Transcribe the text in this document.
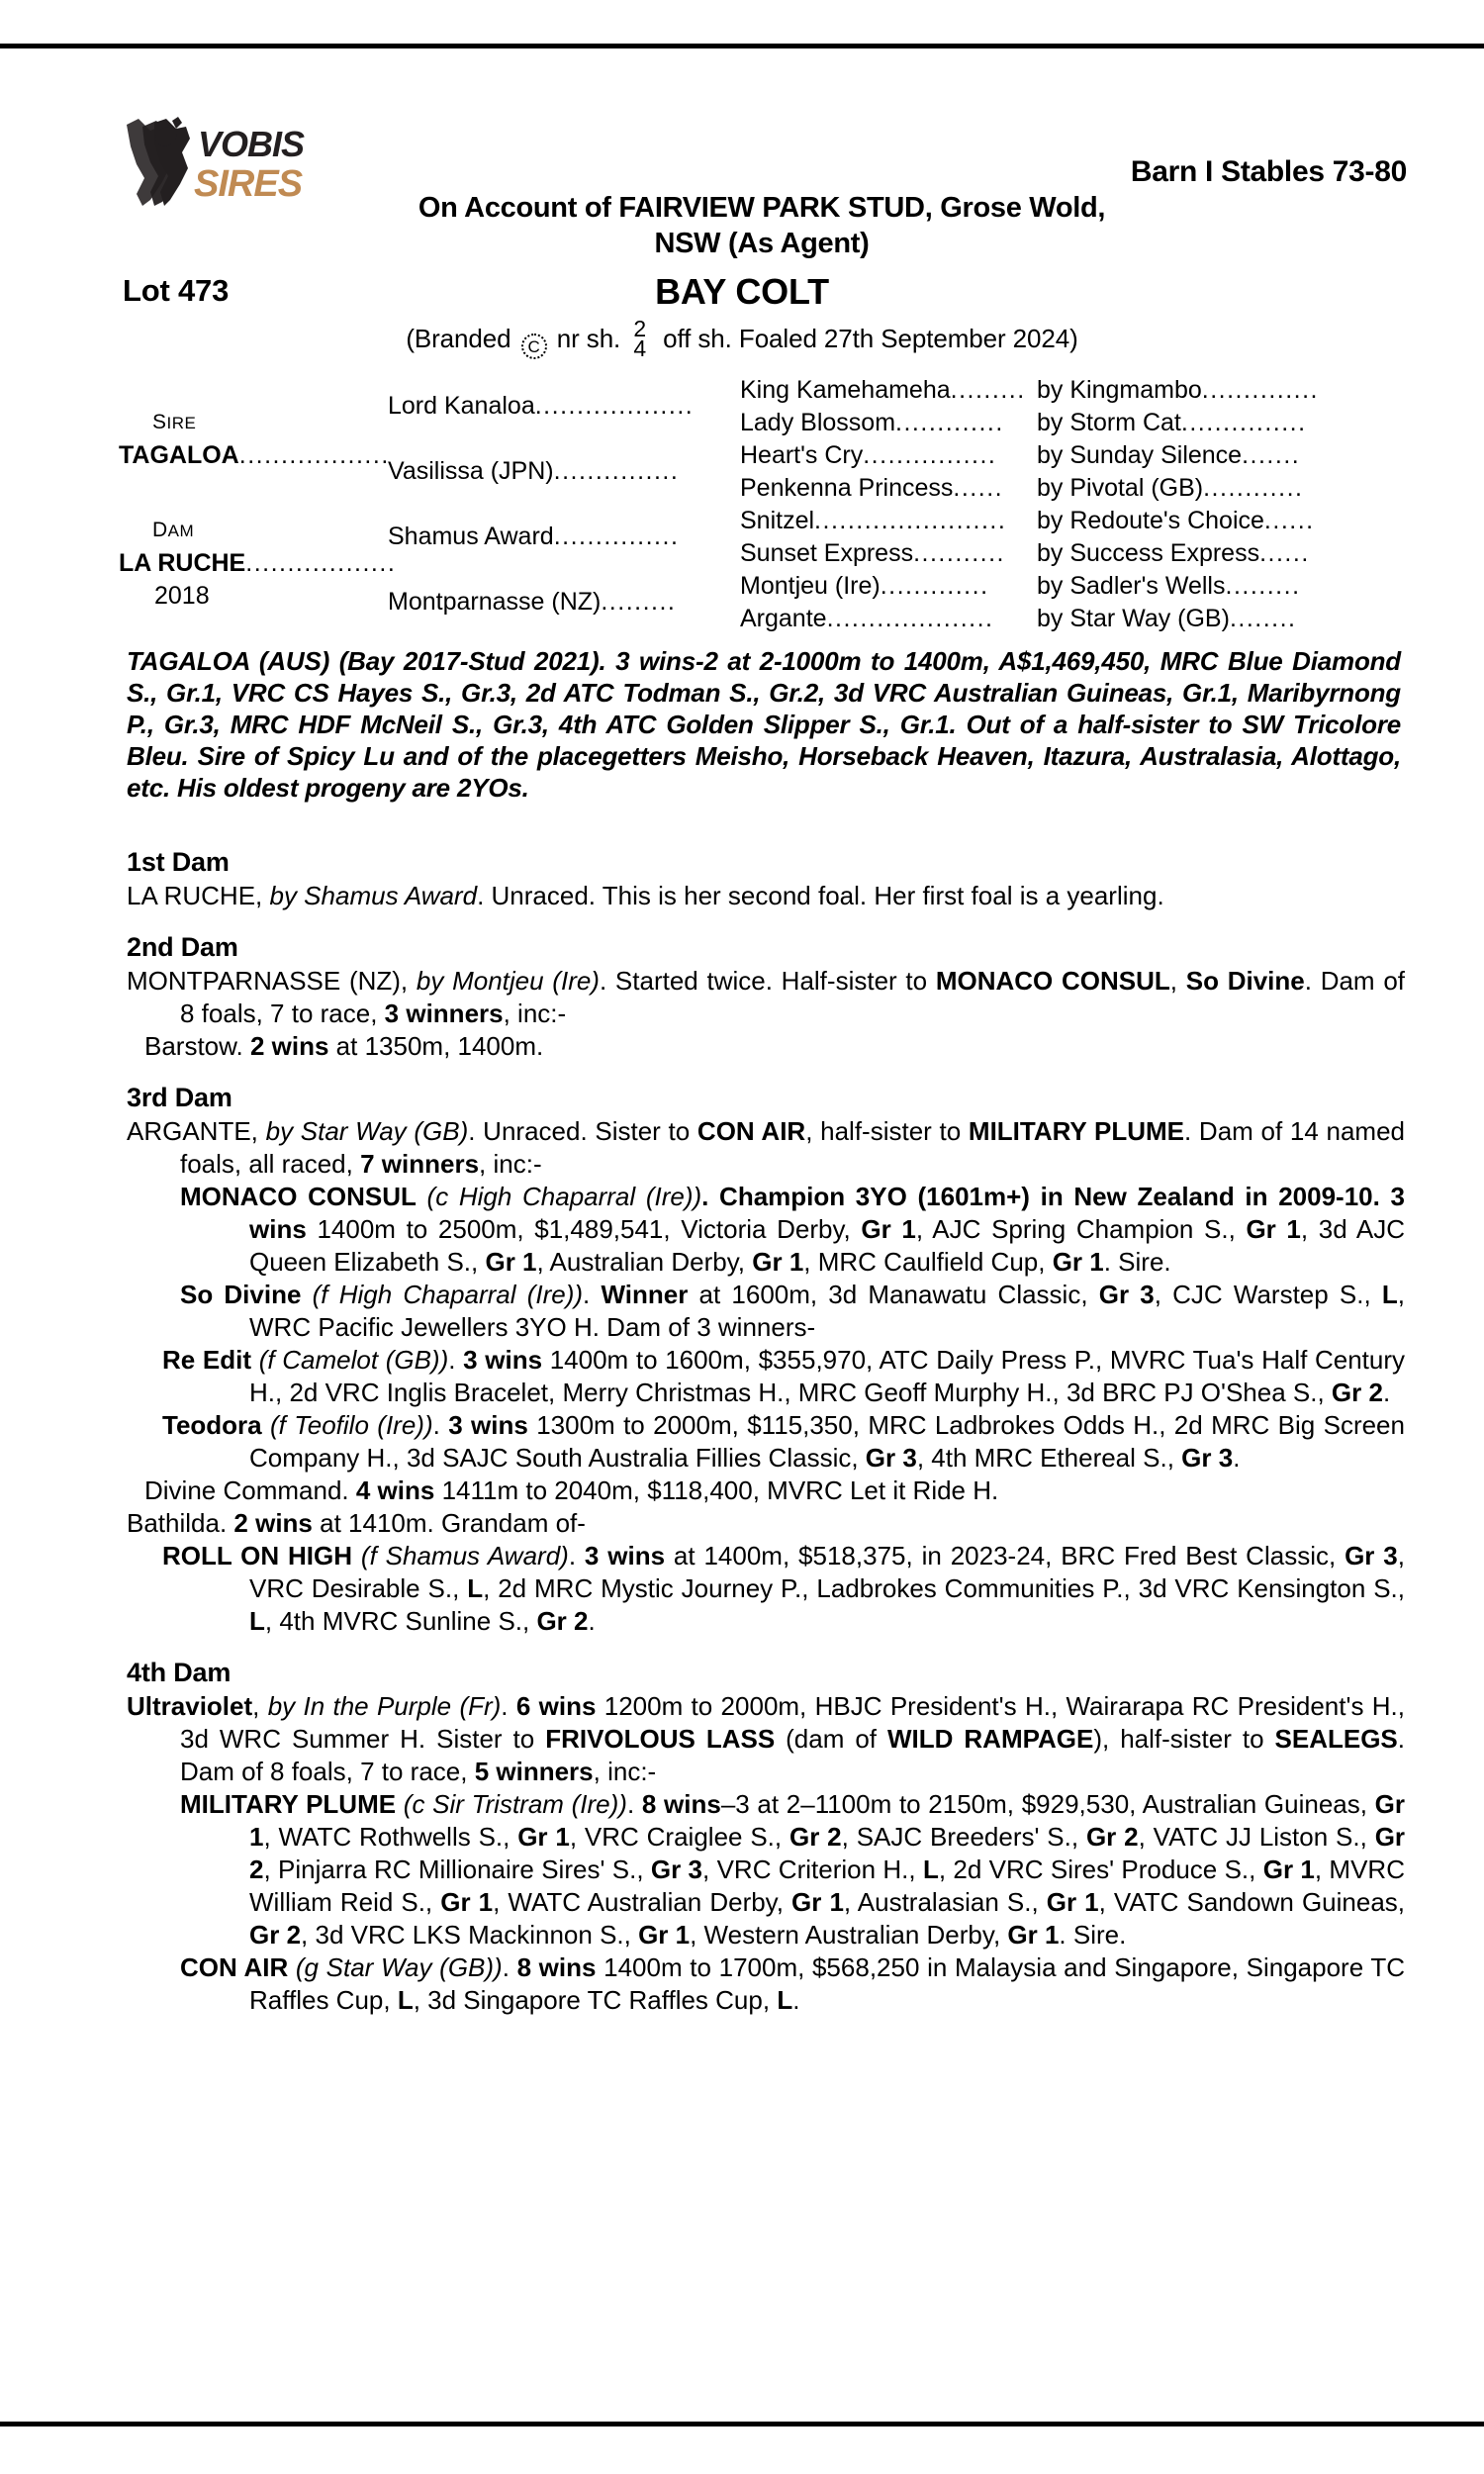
VOBIS
SIRES	Barn I Stables 73-80
On Account of FAIRVIEW PARK STUD, Grose Wold,
NSW (As Agent)
Lot 473	BAY COLT
(Branded C nr sh. 2
4 off sh. Foaled 27th September 2024)
SIRE
TAGALOA..................
DAM
LA RUCHE..................
2018
Lord Kanaloa...................
Vasilissa (JPN)...............
Shamus Award...............
Montparnasse (NZ).........
King Kamehameha.........
Lady Blossom.............
Heart's Cry................
Penkenna Princess......
Snitzel.......................
Sunset Express...........
Montjeu (Ire).............
Argante....................
by Kingmambo..............
by Storm Cat...............
by Sunday Silence.......
by Pivotal (GB)............
by Redoute's Choice......
by Success Express......
by Sadler's Wells.........
by Star Way (GB)........
TAGALOA (AUS) (Bay 2017-Stud 2021). 3 wins-2 at 2-1000m to 1400m, A$1,469,450, MRC Blue Diamond S., Gr.1, VRC CS Hayes S., Gr.3, 2d ATC Todman S., Gr.2, 3d VRC Australian Guineas, Gr.1, Maribyrnong P., Gr.3, MRC HDF McNeil S., Gr.3, 4th ATC Golden Slipper S., Gr.1. Out of a half-sister to SW Tricolore Bleu. Sire of Spicy Lu and of the placegetters Meisho, Horseback Heaven, Itazura, Australasia, Alottago, etc. His oldest progeny are 2YOs.
1st Dam
LA RUCHE, by Shamus Award. Unraced. This is her second foal. Her first foal is a yearling.
2nd Dam
MONTPARNASSE (NZ), by Montjeu (Ire). Started twice. Half-sister to MONACO CONSUL, So Divine. Dam of 8 foals, 7 to race, 3 winners, inc:-
Barstow. 2 wins at 1350m, 1400m.
3rd Dam
ARGANTE, by Star Way (GB). Unraced. Sister to CON AIR, half-sister to MILITARY PLUME. Dam of 14 named foals, all raced, 7 winners, inc:-
MONACO CONSUL (c High Chaparral (Ire)). Champion 3YO (1601m+) in New Zealand in 2009-10. 3 wins 1400m to 2500m, $1,489,541, Victoria Derby, Gr 1, AJC Spring Champion S., Gr 1, 3d AJC Queen Elizabeth S., Gr 1, Australian Derby, Gr 1, MRC Caulfield Cup, Gr 1. Sire.
So Divine (f High Chaparral (Ire)). Winner at 1600m, 3d Manawatu Classic, Gr 3, CJC Warstep S., L, WRC Pacific Jewellers 3YO H. Dam of 3 winners-
Re Edit (f Camelot (GB)). 3 wins 1400m to 1600m, $355,970, ATC Daily Press P., MVRC Tua's Half Century H., 2d VRC Inglis Bracelet, Merry Christmas H., MRC Geoff Murphy H., 3d BRC PJ O'Shea S., Gr 2.
Teodora (f Teofilo (Ire)). 3 wins 1300m to 2000m, $115,350, MRC Ladbrokes Odds H., 2d MRC Big Screen Company H., 3d SAJC South Australia Fillies Classic, Gr 3, 4th MRC Ethereal S., Gr 3.
Divine Command. 4 wins 1411m to 2040m, $118,400, MVRC Let it Ride H.
Bathilda. 2 wins at 1410m. Grandam of-
ROLL ON HIGH (f Shamus Award). 3 wins at 1400m, $518,375, in 2023-24, BRC Fred Best Classic, Gr 3, VRC Desirable S., L, 2d MRC Mystic Journey P., Ladbrokes Communities P., 3d VRC Kensington S., L, 4th MVRC Sunline S., Gr 2.
4th Dam
Ultraviolet, by In the Purple (Fr). 6 wins 1200m to 2000m, HBJC President's H., Wairarapa RC President's H., 3d WRC Summer H. Sister to FRIVOLOUS LASS (dam of WILD RAMPAGE), half-sister to SEALEGS. Dam of 8 foals, 7 to race, 5 winners, inc:-
MILITARY PLUME (c Sir Tristram (Ire)). 8 wins–3 at 2–1100m to 2150m, $929,530, Australian Guineas, Gr 1, WATC Rothwells S., Gr 1, VRC Craiglee S., Gr 2, SAJC Breeders' S., Gr 2, VATC JJ Liston S., Gr 2, Pinjarra RC Millionaire Sires' S., Gr 3, VRC Criterion H., L, 2d VRC Sires' Produce S., Gr 1, MVRC William Reid S., Gr 1, WATC Australian Derby, Gr 1, Australasian S., Gr 1, VATC Sandown Guineas, Gr 2, 3d VRC LKS Mackinnon S., Gr 1, Western Australian Derby, Gr 1. Sire.
CON AIR (g Star Way (GB)). 8 wins 1400m to 1700m, $568,250 in Malaysia and Singapore, Singapore TC Raffles Cup, L, 3d Singapore TC Raffles Cup, L.
